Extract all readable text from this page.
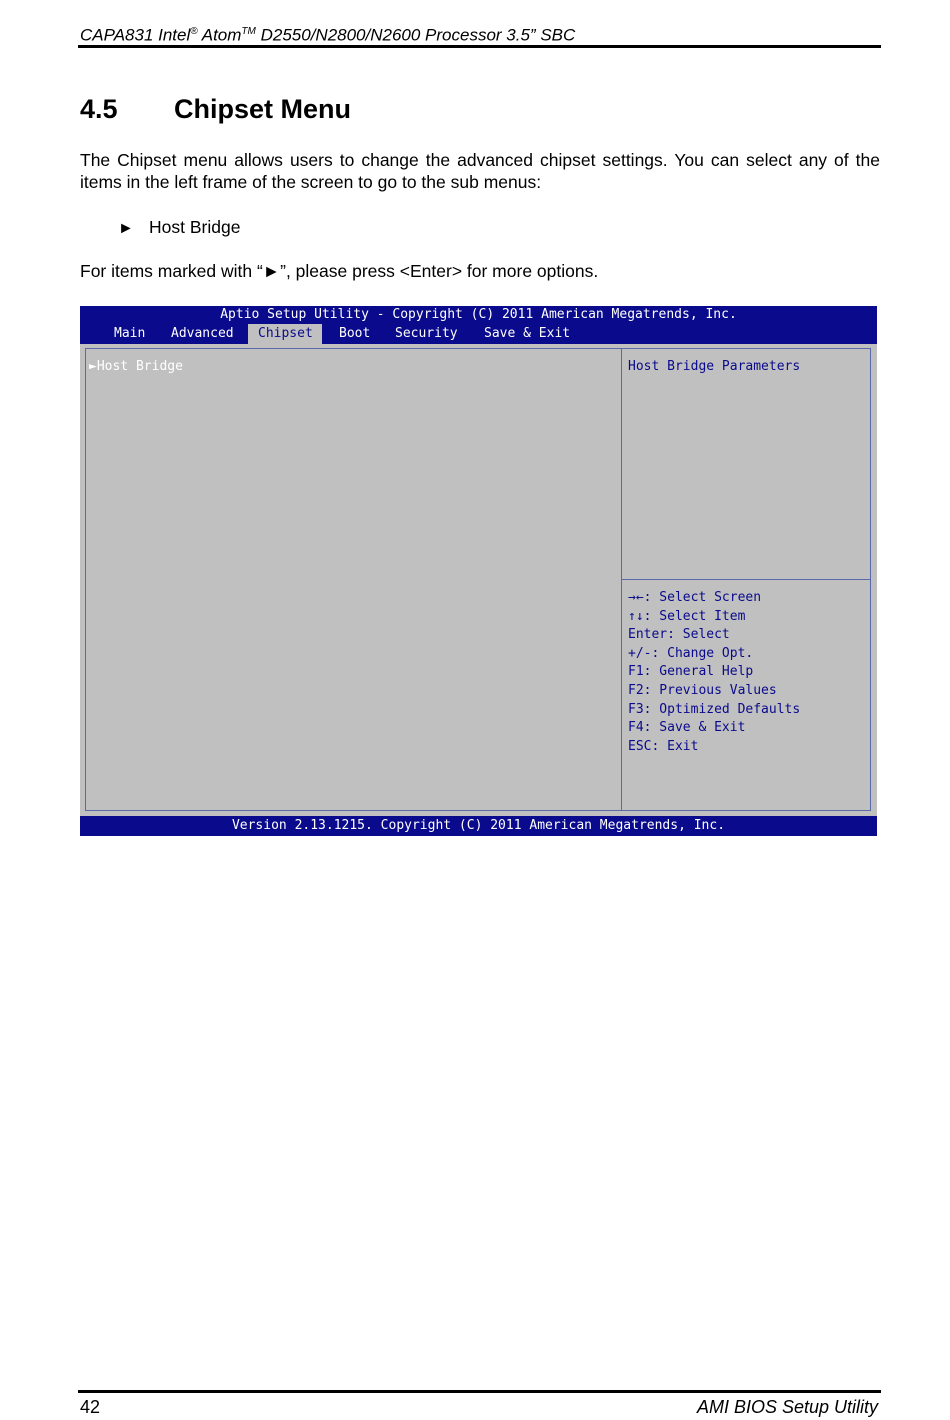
CAPA831 Intel® Atom™ D2550/N2800/N2600 Processor 3.5” SBC
4.5 Chipset Menu
The Chipset menu allows users to change the advanced chipset settings. You can select any of the items in the left frame of the screen to go to the sub menus:
► Host Bridge
For items marked with “►”, please press <Enter> for more options.
Aptio Setup Utility - Copyright (C) 2011 American Megatrends, Inc.
Main	Advanced	Chipset	Boot	Security	Save & Exit
►Host Bridge	Host Bridge Parameters
→←: Select Screen
↑↓: Select Item
Enter: Select
+/-: Change Opt.
F1: General Help
F2: Previous Values
F3: Optimized Defaults
F4: Save & Exit
ESC: Exit
Version 2.13.1215. Copyright (C) 2011 American Megatrends, Inc.
42	AMI BIOS Setup Utility
